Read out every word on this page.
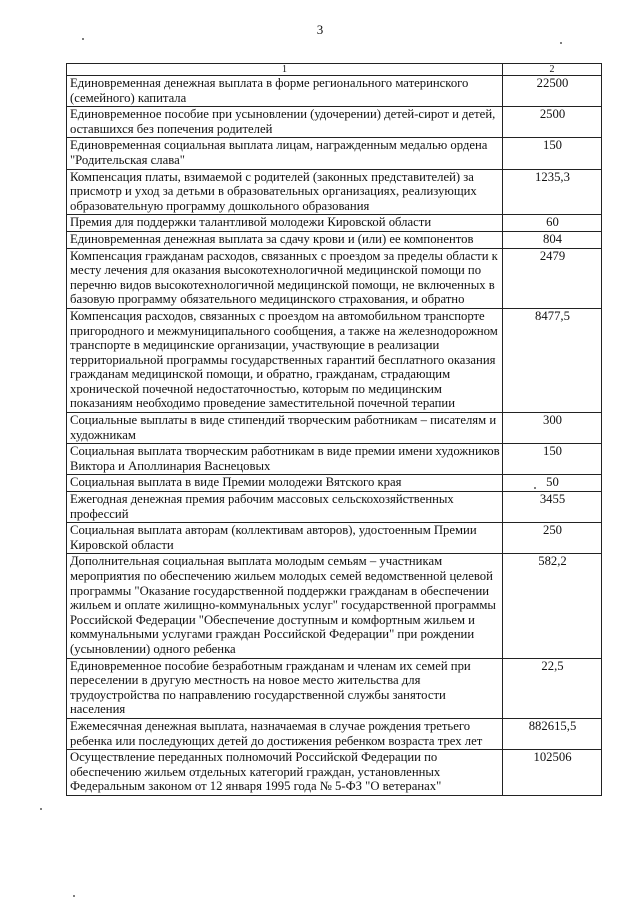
3
1	2
Единовременная денежная выплата в форме регионального материнского (семейного) капитала	22500
Единовременное пособие при усыновлении (удочерении) детей-сирот и детей, оставшихся без попечения родителей	2500
Единовременная социальная выплата лицам, награжденным медалью ордена "Родительская слава"	150
Компенсация платы, взимаемой с родителей (законных представителей) за присмотр и уход за детьми в образовательных организациях, реализующих образовательную программу дошкольного образования	1235,3
Премия для поддержки талантливой молодежи Кировской области	60
Единовременная денежная выплата за сдачу крови и (или) ее компонентов	804
Компенсация гражданам расходов, связанных с проездом за пределы области к месту лечения для оказания высокотехнологичной медицинской помощи по перечню видов высокотехнологичной медицинской помощи, не включенных в базовую программу обязательного медицинского страхования, и обратно	2479
Компенсация расходов, связанных с проездом на автомобильном транспорте пригородного и межмуниципального сообщения, а также на железнодорожном транспорте в медицинские организации, участвующие в реализации территориальной программы государственных гарантий бесплатного оказания гражданам медицинской помощи, и обратно, гражданам, страдающим хронической почечной недостаточностью, которым по медицинским показаниям необходимо проведение заместительной почечной терапии	8477,5
Социальные выплаты в виде стипендий творческим работникам – писателям и художникам	300
Социальная выплата творческим работникам в виде премии имени художников Виктора и Аполлинария Васнецовых	150
Социальная выплата в виде Премии молодежи Вятского края	50
Ежегодная денежная премия рабочим массовых сельскохозяйственных профессий	3455
Социальная выплата авторам (коллективам авторов), удостоенным Премии Кировской области	250
Дополнительная социальная выплата молодым семьям – участникам мероприятия по обеспечению жильем молодых семей ведомственной целевой программы "Оказание государственной поддержки гражданам в обеспечении жильем и оплате жилищно-коммунальных услуг" государственной программы Российской Федерации "Обеспечение доступным и комфортным жильем и коммунальными услугами граждан Российской Федерации" при рождении (усыновлении) одного ребенка	582,2
Единовременное пособие безработным гражданам и членам их семей при переселении в другую местность на новое место жительства для трудоустройства по направлению государственной службы занятости населения	22,5
Ежемесячная денежная выплата, назначаемая в случае рождения третьего ребенка или последующих детей до достижения ребенком возраста трех лет	882615,5
Осуществление переданных полномочий Российской Федерации по обеспечению жильем отдельных категорий граждан, установленных Федеральным законом от 12 января 1995 года № 5-ФЗ "О ветеранах"	102506
